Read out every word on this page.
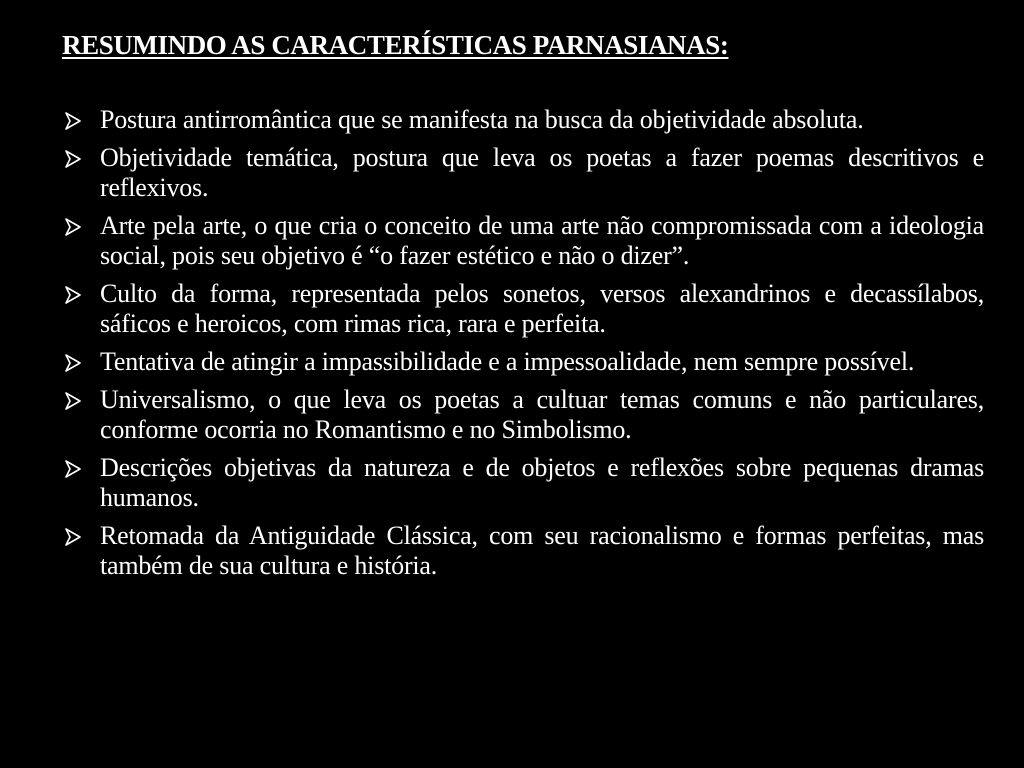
RESUMINDO AS CARACTERÍSTICAS PARNASIANAS:
Postura antirromântica que se manifesta na busca da objetividade absoluta.
Objetividade temática, postura que leva os poetas a fazer poemas descritivos e reflexivos.
Arte pela arte, o que cria o conceito de uma arte não compromissada com a ideologia social, pois seu objetivo é “o fazer estético e não o dizer”.
Culto da forma, representada pelos sonetos, versos alexandrinos e decassílabos, sáficos e heroicos, com rimas rica, rara e perfeita.
Tentativa de atingir a impassibilidade e a impessoalidade, nem sempre possível.
Universalismo, o que leva os poetas a cultuar temas comuns e não particulares, conforme ocorria no Romantismo e no Simbolismo.
Descrições objetivas da natureza e de objetos e reflexões sobre pequenas dramas humanos.
Retomada da Antiguidade Clássica, com seu racionalismo e formas perfeitas, mas também de sua cultura e história.
